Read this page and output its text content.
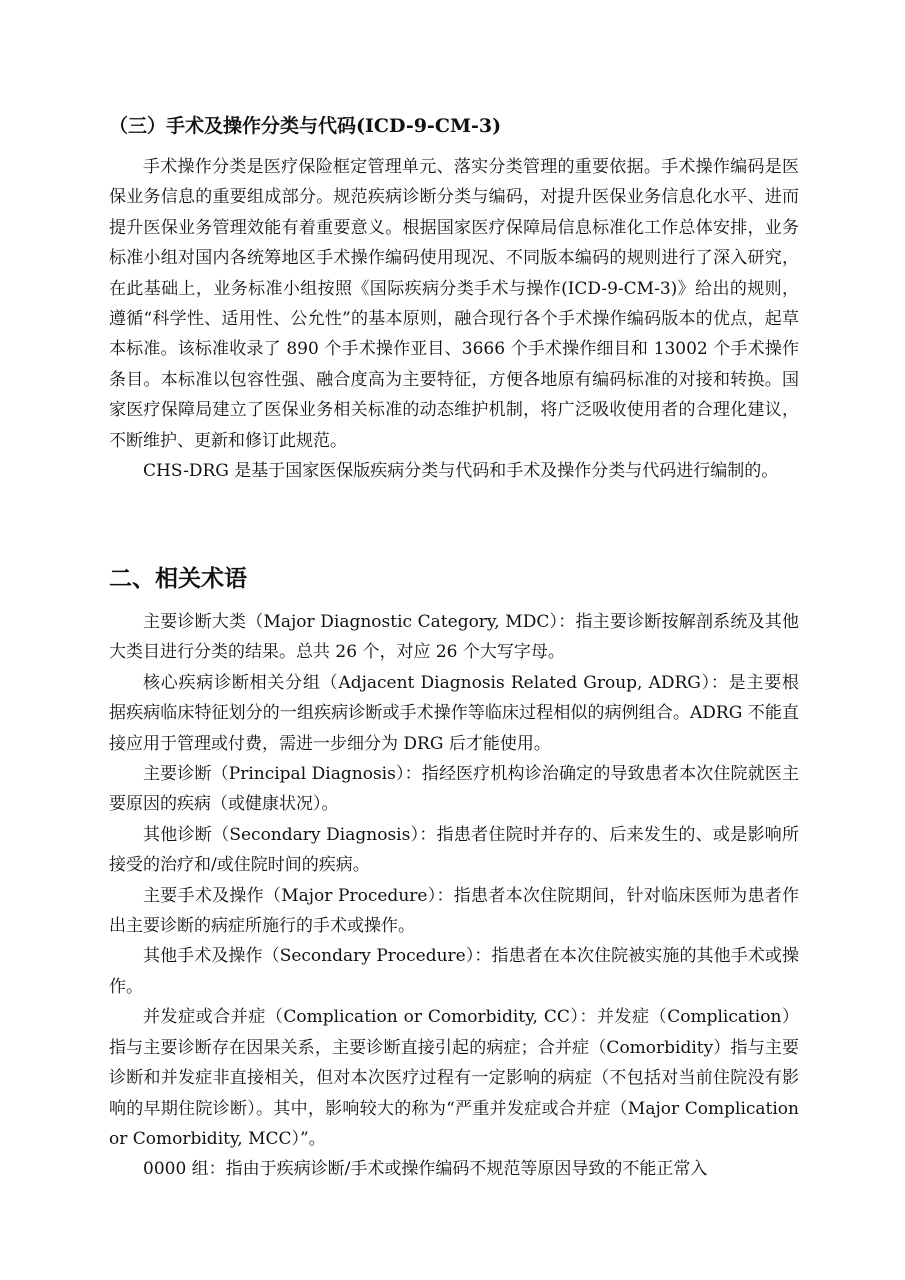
（三）手术及操作分类与代码(ICD-9-CM-3)

手术操作分类是医疗保险框定管理单元、落实分类管理的重要依据。手术操作编码是医保业务信息的重要组成部分。规范疾病诊断分类与编码，对提升医保业务信息化水平、进而提升医保业务管理效能有着重要意义。根据国家医疗保障局信息标准化工作总体安排，业务标准小组对国内各统筹地区手术操作编码使用现况、不同版本编码的规则进行了深入研究，在此基础上，业务标准小组按照《国际疾病分类手术与操作(ICD-9-CM-3)》给出的规则，遵循“科学性、适用性、公允性”的基本原则，融合现行各个手术操作编码版本的优点，起草本标准。该标准收录了 890 个手术操作亚目、3666 个手术操作细目和 13002 个手术操作条目。本标准以包容性强、融合度高为主要特征，方便各地原有编码标准的对接和转换。国家医疗保障局建立了医保业务相关标准的动态维护机制，将广泛吸收使用者的合理化建议，不断维护、更新和修订此规范。

CHS-DRG 是基于国家医保版疾病分类与代码和手术及操作分类与代码进行编制的。

二、相关术语

主要诊断大类（Major Diagnostic Category, MDC）：指主要诊断按解剖系统及其他大类目进行分类的结果。总共 26 个，对应 26 个大写字母。

核心疾病诊断相关分组（Adjacent Diagnosis Related Group, ADRG）：是主要根据疾病临床特征划分的一组疾病诊断或手术操作等临床过程相似的病例组合。ADRG 不能直接应用于管理或付费，需进一步细分为 DRG 后才能使用。

主要诊断（Principal Diagnosis）：指经医疗机构诊治确定的导致患者本次住院就医主要原因的疾病（或健康状况）。

其他诊断（Secondary Diagnosis）：指患者住院时并存的、后来发生的、或是影响所接受的治疗和/或住院时间的疾病。

主要手术及操作（Major Procedure）：指患者本次住院期间，针对临床医师为患者作出主要诊断的病症所施行的手术或操作。

其他手术及操作（Secondary Procedure）：指患者在本次住院被实施的其他手术或操作。

并发症或合并症（Complication or Comorbidity, CC）：并发症（Complication）指与主要诊断存在因果关系，主要诊断直接引起的病症；合并症（Comorbidity）指与主要诊断和并发症非直接相关，但对本次医疗过程有一定影响的病症（不包括对当前住院没有影响的早期住院诊断）。其中，影响较大的称为“严重并发症或合并症（Major Complication or Comorbidity, MCC）”。

0000 组：指由于疾病诊断/手术或操作编码不规范等原因导致的不能正常入
